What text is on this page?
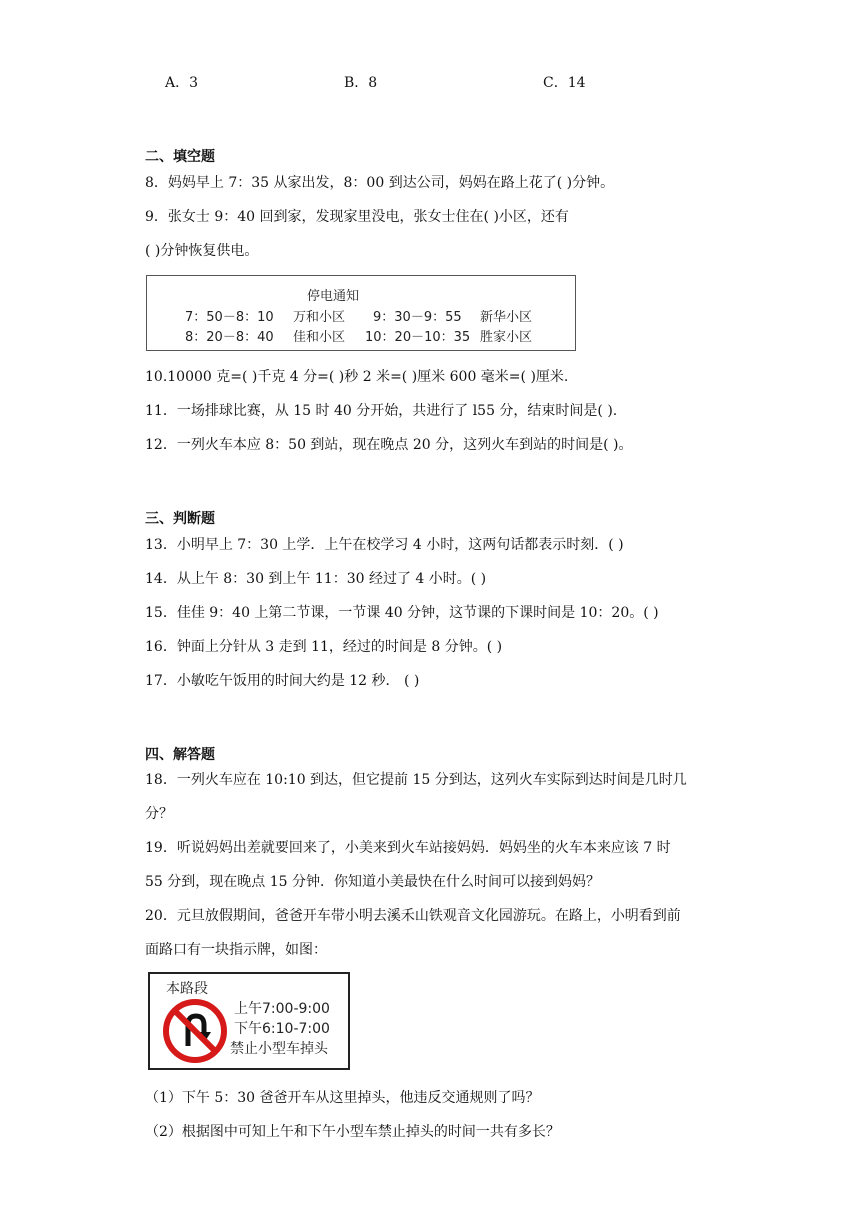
A．3	B．8	C．14
二、填空题
8．妈妈早上 7：35 从家出发，8：00 到达公司，妈妈在路上花了( )分钟。
9．张女士 9：40 回到家，发现家里没电，张女士住在( )小区，还有
( )分钟恢复供电。
停电通知
7：50－8：10 万和小区 9：30－9：55 新华小区
8：20－8：40 佳和小区 10：20－10：35 胜家小区
10.10000 克=( )千克 4 分=( )秒 2 米=( )厘米 600 毫米=( )厘米.
11．一场排球比赛，从 15 时 40 分开始，共进行了 l55 分，结束时间是( ).
12．一列火车本应 8：50 到站，现在晚点 20 分，这列火车到站的时间是( )。
三、判断题
13．小明早上 7：30 上学．上午在校学习 4 小时，这两句话都表示时刻．( )
14．从上午 8：30 到上午 11：30 经过了 4 小时。( )
15．佳佳 9：40 上第二节课，一节课 40 分钟，这节课的下课时间是 10：20。( )
16．钟面上分针从 3 走到 11，经过的时间是 8 分钟。( )
17．小敏吃午饭用的时间大约是 12 秒． ( )
四、解答题
18．一列火车应在 10:10 到达，但它提前 15 分到达，这列火车实际到达时间是几时几
分？
19．听说妈妈出差就要回来了，小美来到火车站接妈妈．妈妈坐的火车本来应该 7 时
55 分到，现在晚点 15 分钟．你知道小美最快在什么时间可以接到妈妈？
20．元旦放假期间，爸爸开车带小明去溪禾山铁观音文化园游玩。在路上，小明看到前
面路口有一块指示牌，如图：
本路段
上午7:00-9:00
下午6:10-7:00
禁止小型车掉头
（1）下午 5：30 爸爸开车从这里掉头，他违反交通规则了吗？
（2）根据图中可知上午和下午小型车禁止掉头的时间一共有多长？
